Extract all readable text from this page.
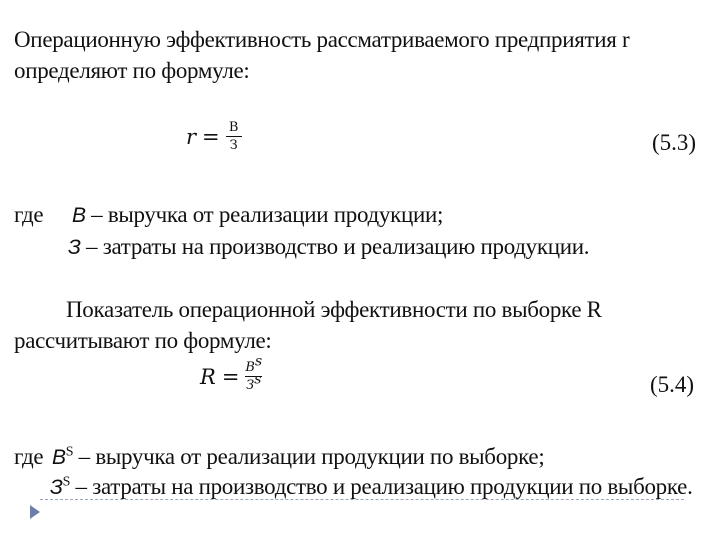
Операционную эффективность рассматриваемого предприятия r определяют по формуле:
$r = \frac{В}{З}$	(5.3)
где В – выручка от реализации продукции;
З – затраты на производство и реализацию продукции.
Показатель операционной эффективности по выборке R рассчитывают по формуле:
$R = \frac{В^s}{З^s}$	(5.4)
где $В^S$ – выручка от реализации продукции по выборке;
$З^S$ – затраты на производство и реализацию продукции по выборке.
